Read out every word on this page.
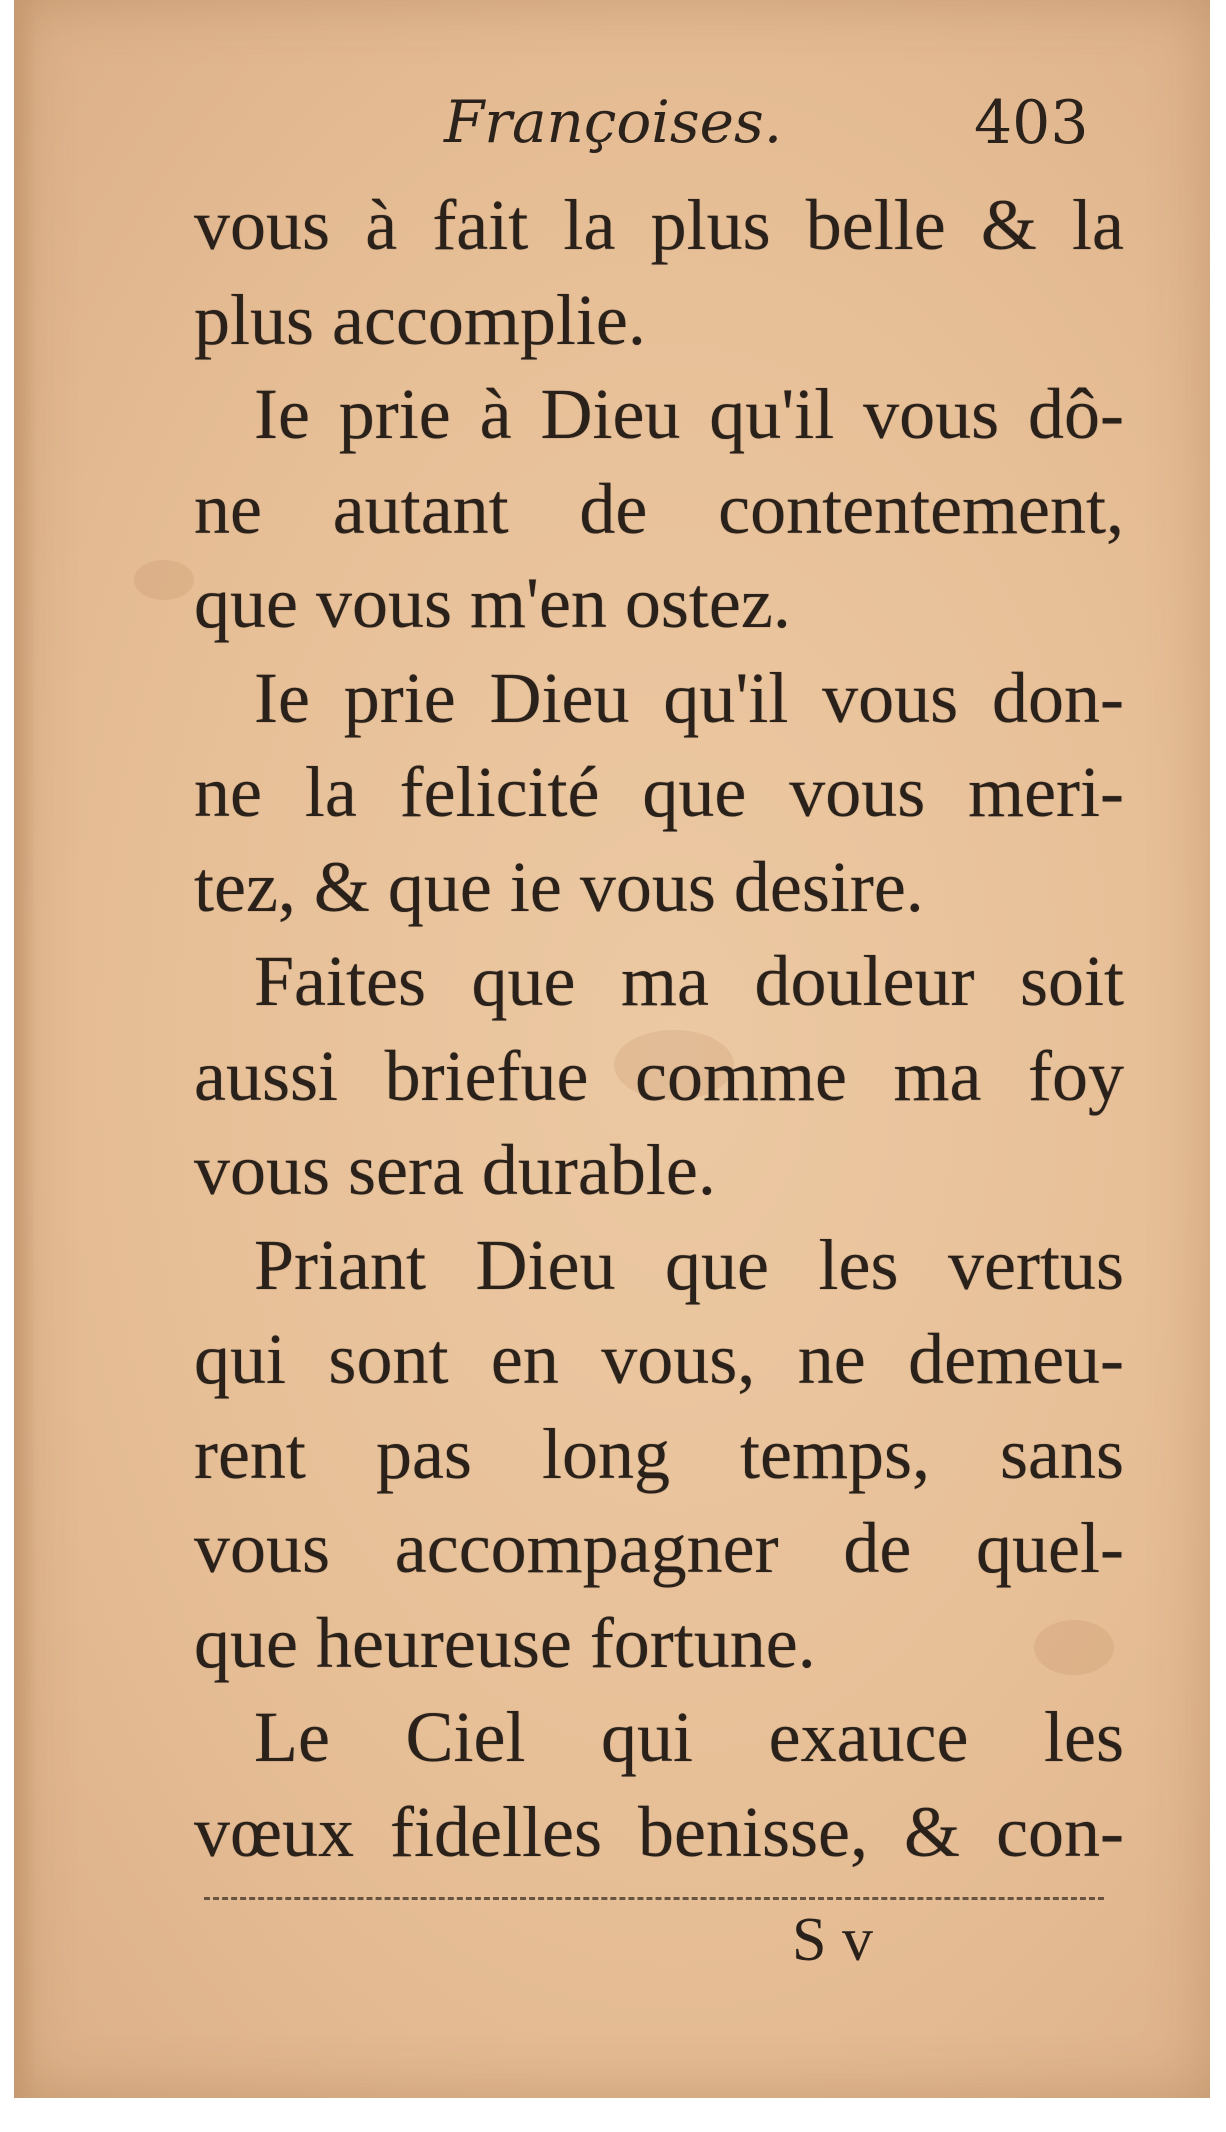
Françoises.	403
vous à fait la plus belle & la
plus accomplie.
Ie prie à Dieu qu'il vous dô-
ne autant de contentement,
que vous m'en ostez.
Ie prie Dieu qu'il vous don-
ne la felicité que vous meri-
tez, & que ie vous desire.
Faites que ma douleur soit
aussi briefue comme ma foy
vous sera durable.
Priant Dieu que les vertus
qui sont en vous, ne demeu-
rent pas long temps, sans
vous accompagner de quel-
que heureuse fortune.
Le Ciel qui exauce les
vœux fidelles benisse, & con-
S v
